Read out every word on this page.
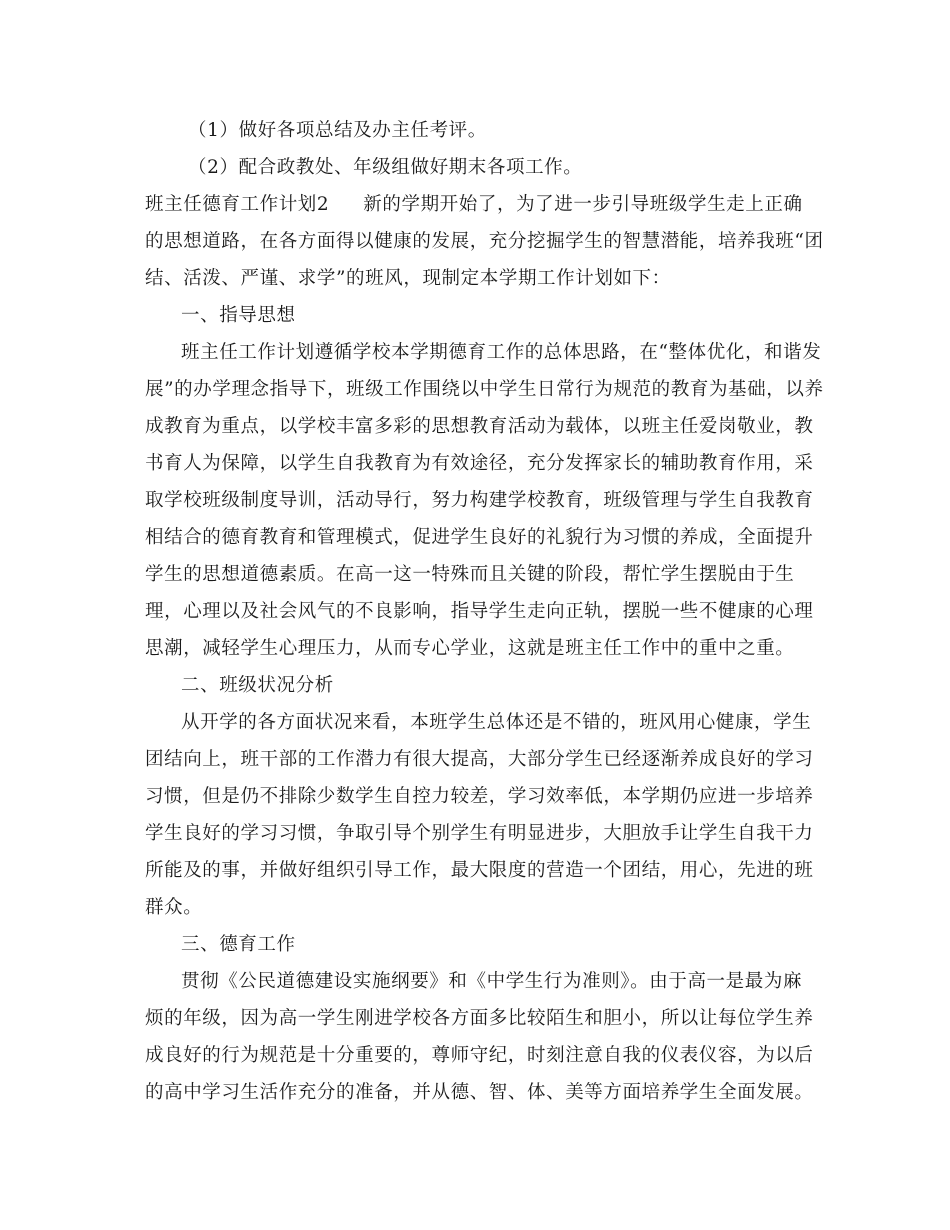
（1）做好各项总结及办主任考评。
（2）配合政教处、年级组做好期末各项工作。
班主任德育工作计划2 新的学期开始了，为了进一步引导班级学生走上正确
的思想道路，在各方面得以健康的发展，充分挖掘学生的智慧潜能，培养我班“团
结、活泼、严谨、求学”的班风，现制定本学期工作计划如下：
一、指导思想
班主任工作计划遵循学校本学期德育工作的总体思路，在“整体优化，和谐发
展”的办学理念指导下，班级工作围绕以中学生日常行为规范的教育为基础，以养
成教育为重点，以学校丰富多彩的思想教育活动为载体，以班主任爱岗敬业，教
书育人为保障，以学生自我教育为有效途径，充分发挥家长的辅助教育作用，采
取学校班级制度导训，活动导行，努力构建学校教育，班级管理与学生自我教育
相结合的德育教育和管理模式，促进学生良好的礼貌行为习惯的养成，全面提升
学生的思想道德素质。在高一这一特殊而且关键的阶段，帮忙学生摆脱由于生
理，心理以及社会风气的不良影响，指导学生走向正轨，摆脱一些不健康的心理
思潮，减轻学生心理压力，从而专心学业，这就是班主任工作中的重中之重。
二、班级状况分析
从开学的各方面状况来看，本班学生总体还是不错的，班风用心健康，学生
团结向上，班干部的工作潜力有很大提高，大部分学生已经逐渐养成良好的学习
习惯，但是仍不排除少数学生自控力较差，学习效率低，本学期仍应进一步培养
学生良好的学习习惯，争取引导个别学生有明显进步，大胆放手让学生自我干力
所能及的事，并做好组织引导工作，最大限度的营造一个团结，用心，先进的班
群众。
三、德育工作
贯彻《公民道德建设实施纲要》和《中学生行为准则》。由于高一是最为麻
烦的年级，因为高一学生刚进学校各方面多比较陌生和胆小，所以让每位学生养
成良好的行为规范是十分重要的，尊师守纪，时刻注意自我的仪表仪容，为以后
的高中学习生活作充分的准备，并从德、智、体、美等方面培养学生全面发展。
